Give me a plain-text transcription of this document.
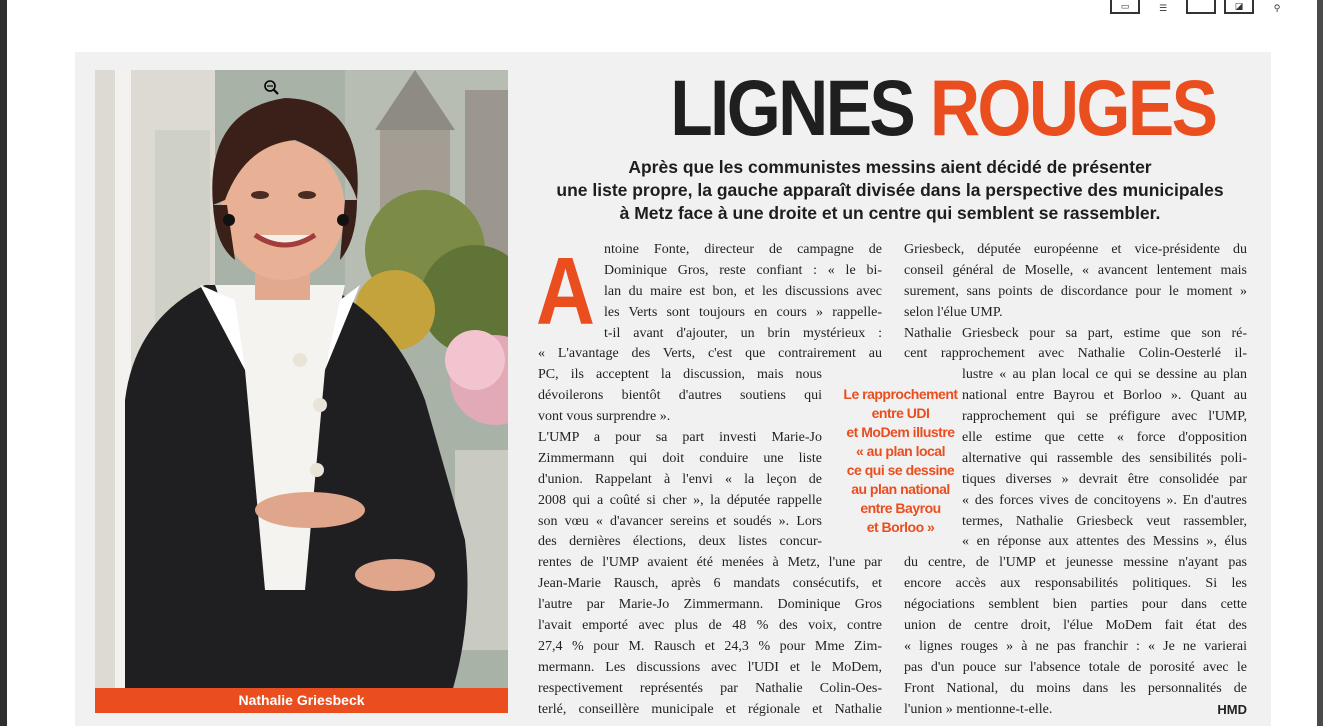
▭	☰	◪	⚲
Nathalie Griesbeck
LIGNES ROUGES
Après que les communistes messins aient décidé de présenter
une liste propre, la gauche apparaît divisée dans la perspective des municipales
à Metz face à une droite et un centre qui semblent se rassembler.
A ntoine Fonte, directeur de campagne de
Dominique Gros, reste confiant : « le bi-
lan du maire est bon, et les discussions avec
les Verts sont toujours en cours » rappelle-
t-il avant d'ajouter, un brin mystérieux :
« L'avantage des Verts, c'est que contrairement au
PC, ils acceptent la discussion, mais nous
dévoilerons bientôt d'autres soutiens qui
vont vous surprendre ».
L'UMP a pour sa part investi Marie-Jo
Zimmermann qui doit conduire une liste
d'union. Rappelant à l'envi « la leçon de
2008 qui a coûté si cher », la députée rappelle
son vœu « d'avancer sereins et soudés ». Lors
des dernières élections, deux listes concur-
rentes de l'UMP avaient été menées à Metz, l'une par
Jean-Marie Rausch, après 6 mandats consécutifs, et
l'autre par Marie-Jo Zimmermann. Dominique Gros
l'avait emporté avec plus de 48 % des voix, contre
27,4 % pour M. Rausch et 24,3 % pour Mme Zim-
mermann. Les discussions avec l'UDI et le MoDem,
respectivement représentés par Nathalie Colin-Oes-
terlé, conseillère municipale et régionale et Nathalie
Le rapprochement
entre UDI
et MoDem illustre
« au plan local
ce qui se dessine
au plan national
entre Bayrou
et Borloo »
Griesbeck, députée européenne et vice-présidente du
conseil général de Moselle, « avancent lentement mais
surement, sans points de discordance pour le moment »
selon l'élue UMP.
Nathalie Griesbeck pour sa part, estime que son ré-
cent rapprochement avec Nathalie Colin-Oesterlé il-
lustre « au plan local ce qui se dessine au plan
national entre Bayrou et Borloo ». Quant au
rapprochement qui se préfigure avec l'UMP,
elle estime que cette « force d'opposition
alternative qui rassemble des sensibilités poli-
tiques diverses » devrait être consolidée par
« des forces vives de concitoyens ». En d'autres
termes, Nathalie Griesbeck veut rassembler,
« en réponse aux attentes des Messins », élus
du centre, de l'UMP et jeunesse messine n'ayant pas
encore accès aux responsabilités politiques. Si les
négociations semblent bien parties pour dans cette
union de centre droit, l'élue MoDem fait état des
« lignes rouges » à ne pas franchir : « Je ne varierai
pas d'un pouce sur l'absence totale de porosité avec le
Front National, du moins dans les personnalités de
l'union » mentionne-t-elle.	HMD
